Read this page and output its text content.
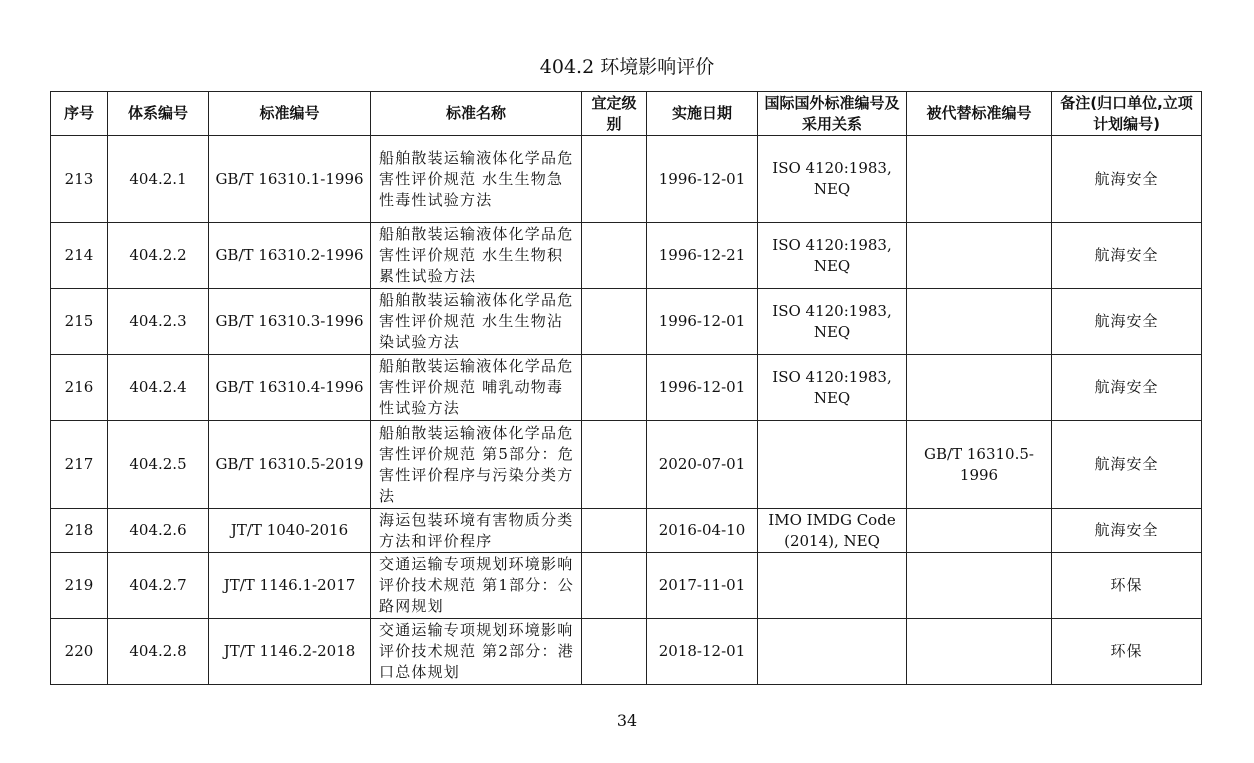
404.2 环境影响评价
序号	体系编号	标准编号	标准名称	宜定级别	实施日期	国际国外标准编号及采用关系	被代替标准编号	备注(归口单位,立项计划编号)
213	404.2.1	GB/T 16310.1-1996	船舶散装运输液体化学品危害性评价规范 水生生物急性毒性试验方法		1996-12-01	ISO 4120:1983, NEQ		航海安全
214	404.2.2	GB/T 16310.2-1996	船舶散装运输液体化学品危害性评价规范 水生生物积累性试验方法		1996-12-21	ISO 4120:1983, NEQ		航海安全
215	404.2.3	GB/T 16310.3-1996	船舶散装运输液体化学品危害性评价规范 水生生物沾染试验方法		1996-12-01	ISO 4120:1983, NEQ		航海安全
216	404.2.4	GB/T 16310.4-1996	船舶散装运输液体化学品危害性评价规范 哺乳动物毒性试验方法		1996-12-01	ISO 4120:1983, NEQ		航海安全
217	404.2.5	GB/T 16310.5-2019	船舶散装运输液体化学品危害性评价规范 第5部分：危害性评价程序与污染分类方法		2020-07-01		GB/T 16310.5-1996	航海安全
218	404.2.6	JT/T 1040-2016	海运包装环境有害物质分类方法和评价程序		2016-04-10	IMO IMDG Code (2014), NEQ		航海安全
219	404.2.7	JT/T 1146.1-2017	交通运输专项规划环境影响评价技术规范 第1部分：公路网规划		2017-11-01			环保
220	404.2.8	JT/T 1146.2-2018	交通运输专项规划环境影响评价技术规范 第2部分：港口总体规划		2018-12-01			环保
34
